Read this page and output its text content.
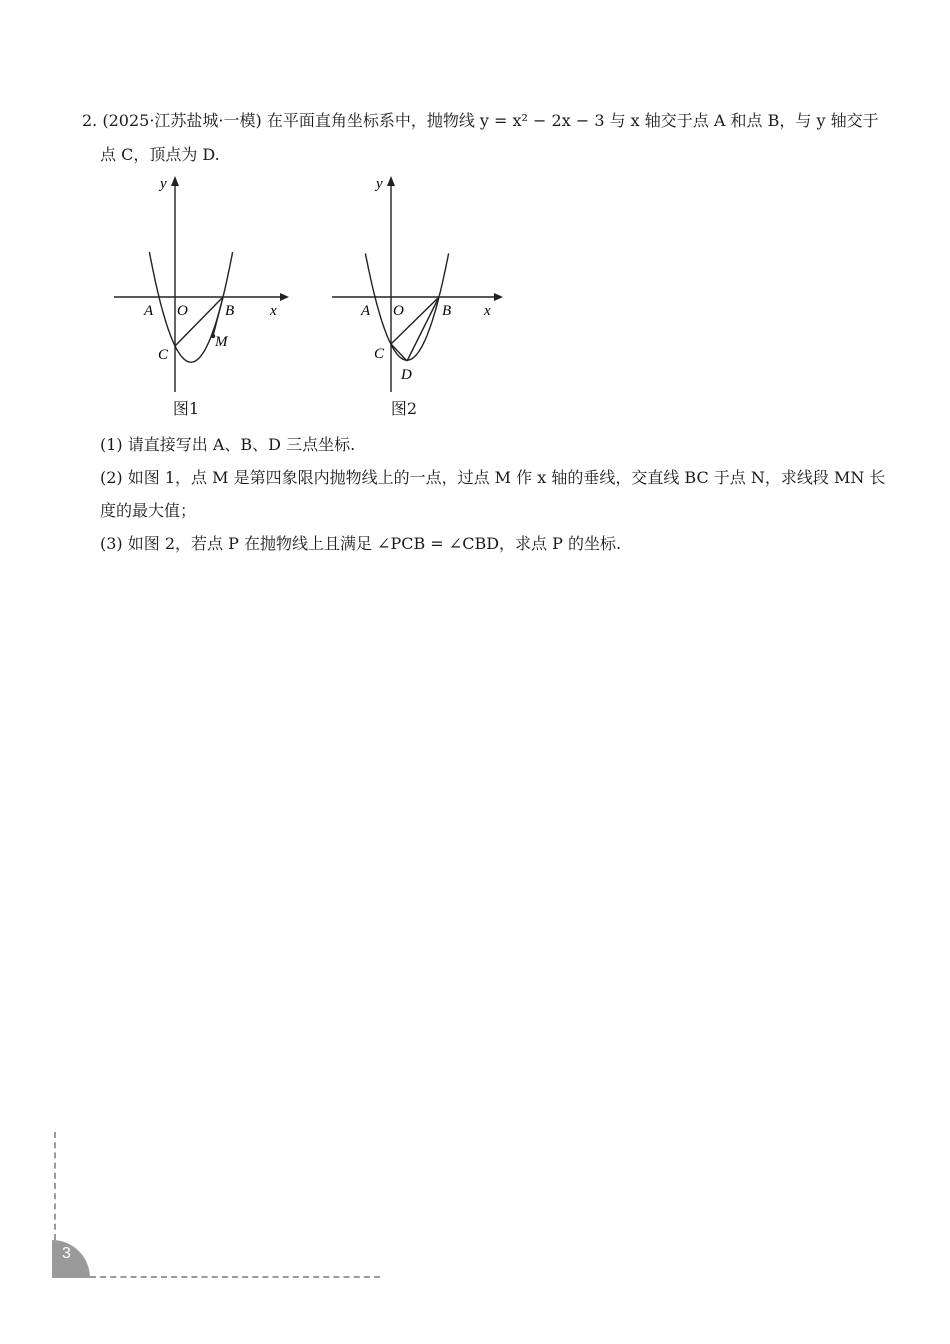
2. (2025·江苏盐城·一模) 在平面直角坐标系中，抛物线 y = x² − 2x − 3 与 x 轴交于点 A 和点 B，与 y 轴交于
点 C，顶点为 D.
y
x
A O B
C
M
图1
y
x
A O	B
C
D
图2

(1) 请直接写出 A、B、D 三点坐标.

(2) 如图 1，点 M 是第四象限内抛物线上的一点，过点 M 作 x 轴的垂线，交直线 BC 于点 N，求线段 MN 长

度的最大值；

(3) 如图 2，若点 P 在抛物线上且满足 ∠PCB = ∠CBD，求点 P 的坐标.

3
